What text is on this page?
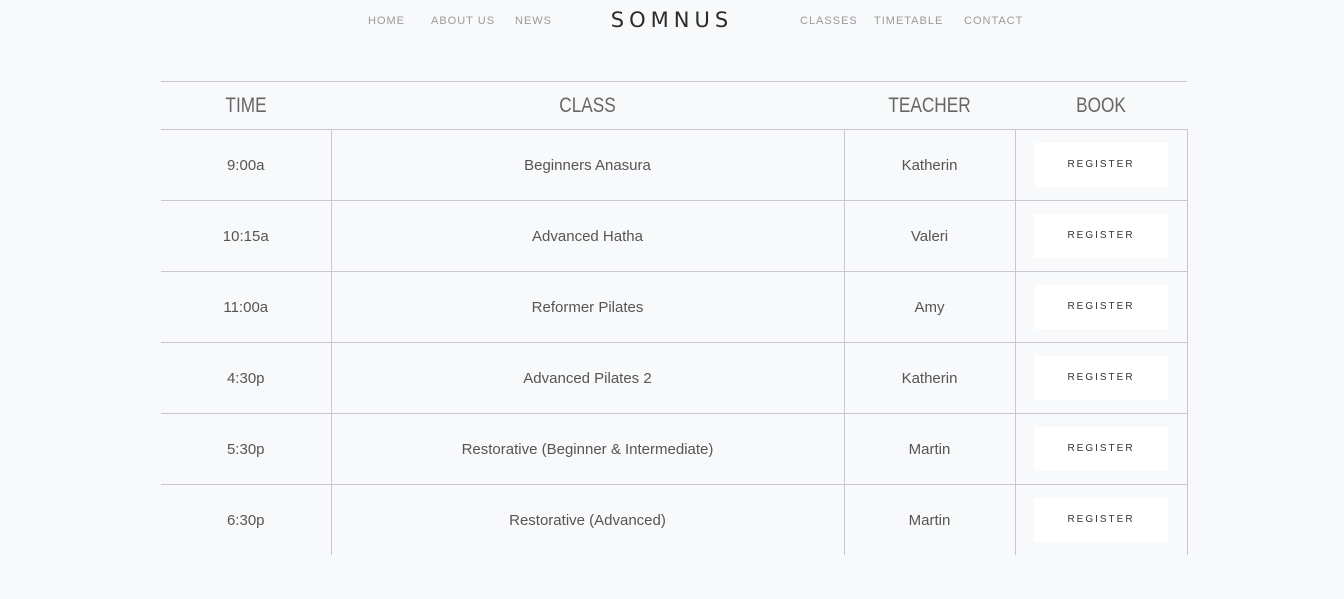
HOME ABOUT US NEWS	SOMNUS	CLASSES TIMETABLE CONTACT
TIME	CLASS	TEACHER	BOOK
9:00a	Beginners Anasura	Katherin	REGISTER
10:15a	Advanced Hatha	Valeri	REGISTER
11:00a	Reformer Pilates	Amy	REGISTER
4:30p	Advanced Pilates 2	Katherin	REGISTER
5:30p	Restorative (Beginner & Intermediate)	Martin	REGISTER
6:30p	Restorative (Advanced)	Martin	REGISTER
